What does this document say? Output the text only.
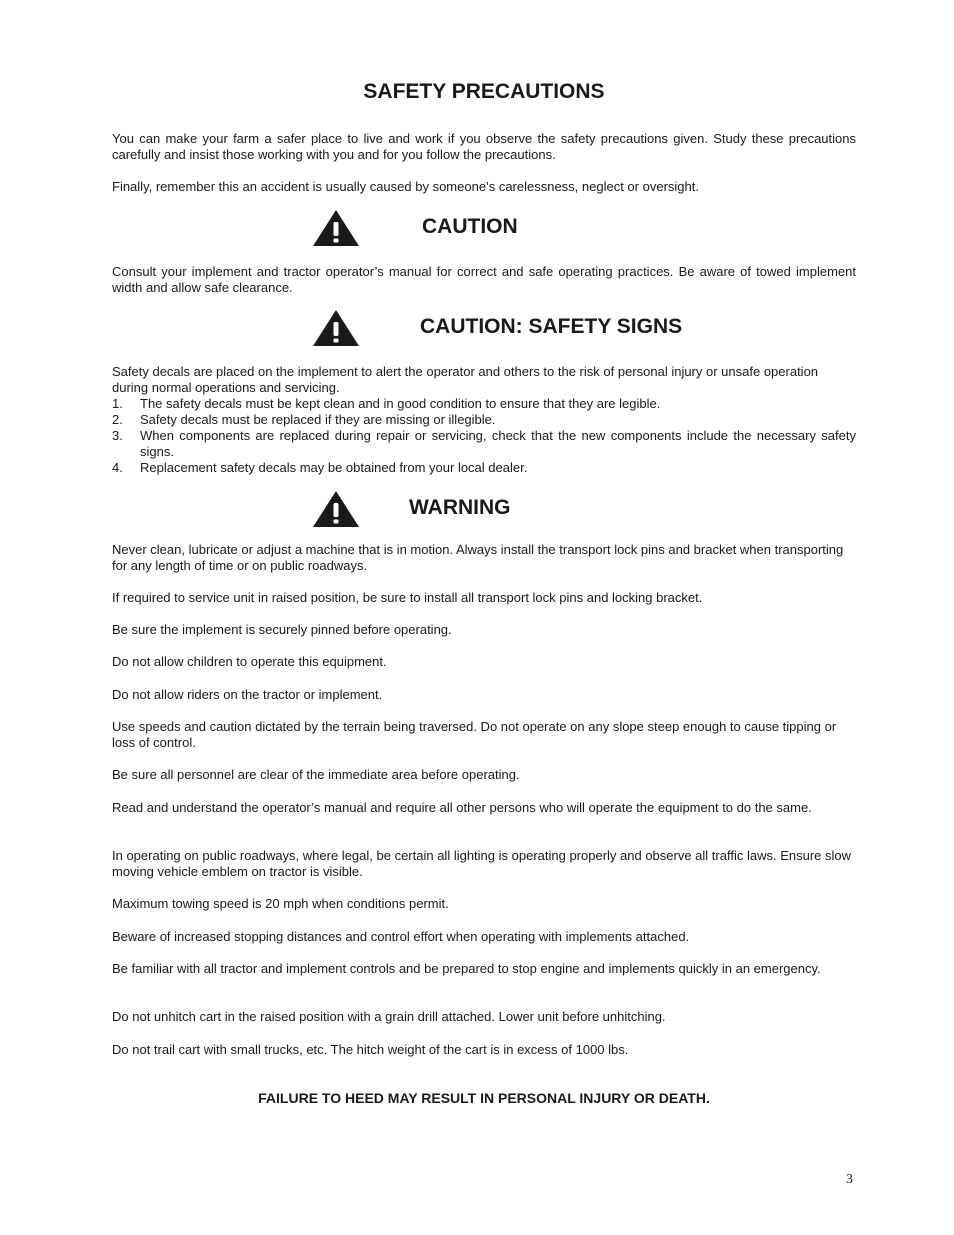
SAFETY PRECAUTIONS

You can make your farm a safer place to live and work if you observe the safety precautions given. Study these precautions carefully and insist those working with you and for you follow the precautions.

Finally, remember this an accident is usually caused by someone’s carelessness, neglect or oversight.

CAUTION

Consult your implement and tractor operator’s manual for correct and safe operating practices. Be aware of towed implement width and allow safe clearance.

CAUTION: SAFETY SIGNS

Safety decals are placed on the implement to alert the operator and others to the risk of personal injury or unsafe operation during normal operations and servicing.

1. The safety decals must be kept clean and in good condition to ensure that they are legible.
2. Safety decals must be replaced if they are missing or illegible.
3. When components are replaced during repair or servicing, check that the new components include the necessary safety signs.
4. Replacement safety decals may be obtained from your local dealer.
WARNING

Never clean, lubricate or adjust a machine that is in motion. Always install the transport lock pins and bracket when transporting for any length of time or on public roadways.

If required to service unit in raised position, be sure to install all transport lock pins and locking bracket.

Be sure the implement is securely pinned before operating.

Do not allow children to operate this equipment.

Do not allow riders on the tractor or implement.

Use speeds and caution dictated by the terrain being traversed. Do not operate on any slope steep enough to cause tipping or loss of control.

Be sure all personnel are clear of the immediate area before operating.

Read and understand the operator’s manual and require all other persons who will operate the equipment to do the same.

In operating on public roadways, where legal, be certain all lighting is operating properly and observe all traffic laws. Ensure slow moving vehicle emblem on tractor is visible.

Maximum towing speed is 20 mph when conditions permit.

Beware of increased stopping distances and control effort when operating with implements attached.

Be familiar with all tractor and implement controls and be prepared to stop engine and implements quickly in an emergency.

Do not unhitch cart in the raised position with a grain drill attached. Lower unit before unhitching.

Do not trail cart with small trucks, etc. The hitch weight of the cart is in excess of 1000 lbs.

FAILURE TO HEED MAY RESULT IN PERSONAL INJURY OR DEATH.

3
